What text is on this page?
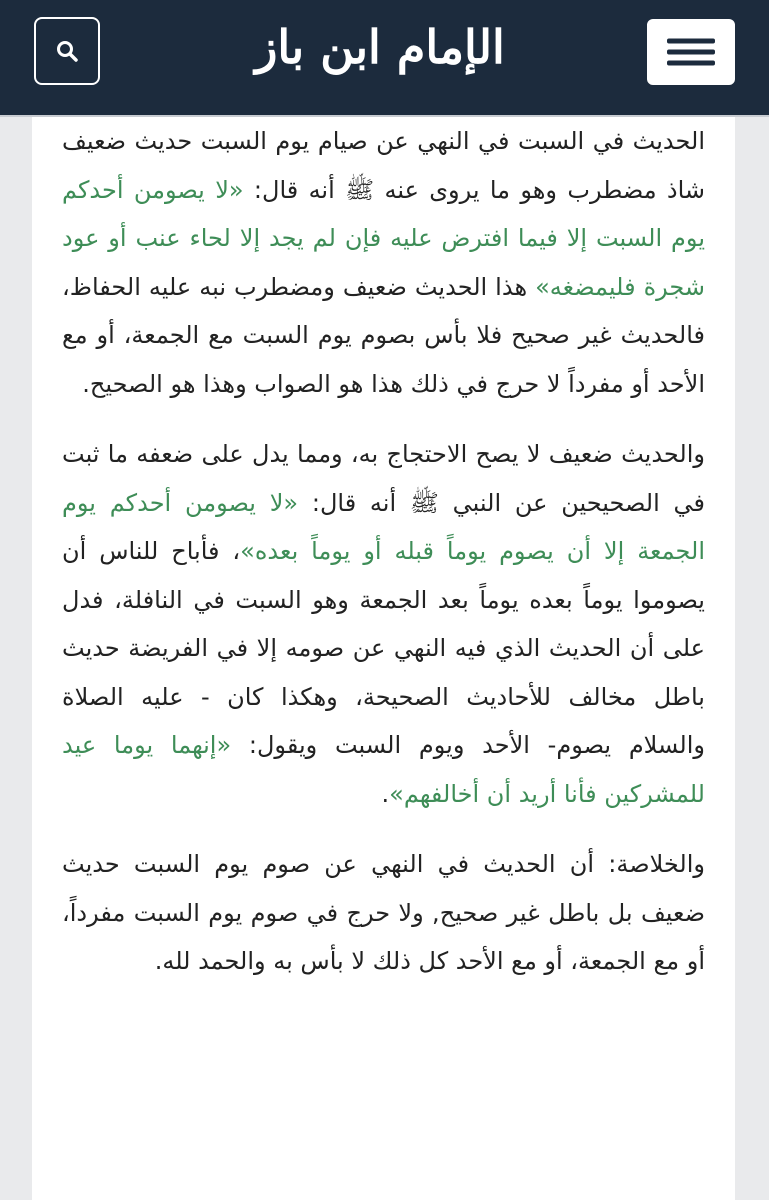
الإمام ابن باز

الحديث في السبت في النهي عن صيام يوم السبت حديث ضعيف شاذ مضطرب وهو ما يروى عنه ﷺ أنه قال: «لا يصومن أحدكم يوم السبت إلا فيما افترض عليه فإن لم يجد إلا لحاء عنب أو عود شجرة فليمضغه» هذا الحديث ضعيف ومضطرب نبه عليه الحفاظ، فالحديث غير صحيح فلا بأس بصوم يوم السبت مع الجمعة، أو مع الأحد أو مفرداً لا حرج في ذلك هذا هو الصواب وهذا هو الصحيح.

والحديث ضعيف لا يصح الاحتجاج به، ومما يدل على ضعفه ما ثبت في الصحيحين عن النبي ﷺ أنه قال: «لا يصومن أحدكم يوم الجمعة إلا أن يصوم يوماً قبله أو يوماً بعده»، فأباح للناس أن يصوموا يوماً بعده يوماً بعد الجمعة وهو السبت في النافلة، فدل على أن الحديث الذي فيه النهي عن صومه إلا في الفريضة حديث باطل مخالف للأحاديث الصحيحة، وهكذا كان - عليه الصلاة والسلام يصوم- الأحد ويوم السبت ويقول: «إنهما يوما عيد للمشركين فأنا أريد أن أخالفهم».

والخلاصة: أن الحديث في النهي عن صوم يوم السبت حديث ضعيف بل باطل غير صحيح, ولا حرج في صوم يوم السبت مفرداً، أو مع الجمعة، أو مع الأحد كل ذلك لا بأس به والحمد لله.
